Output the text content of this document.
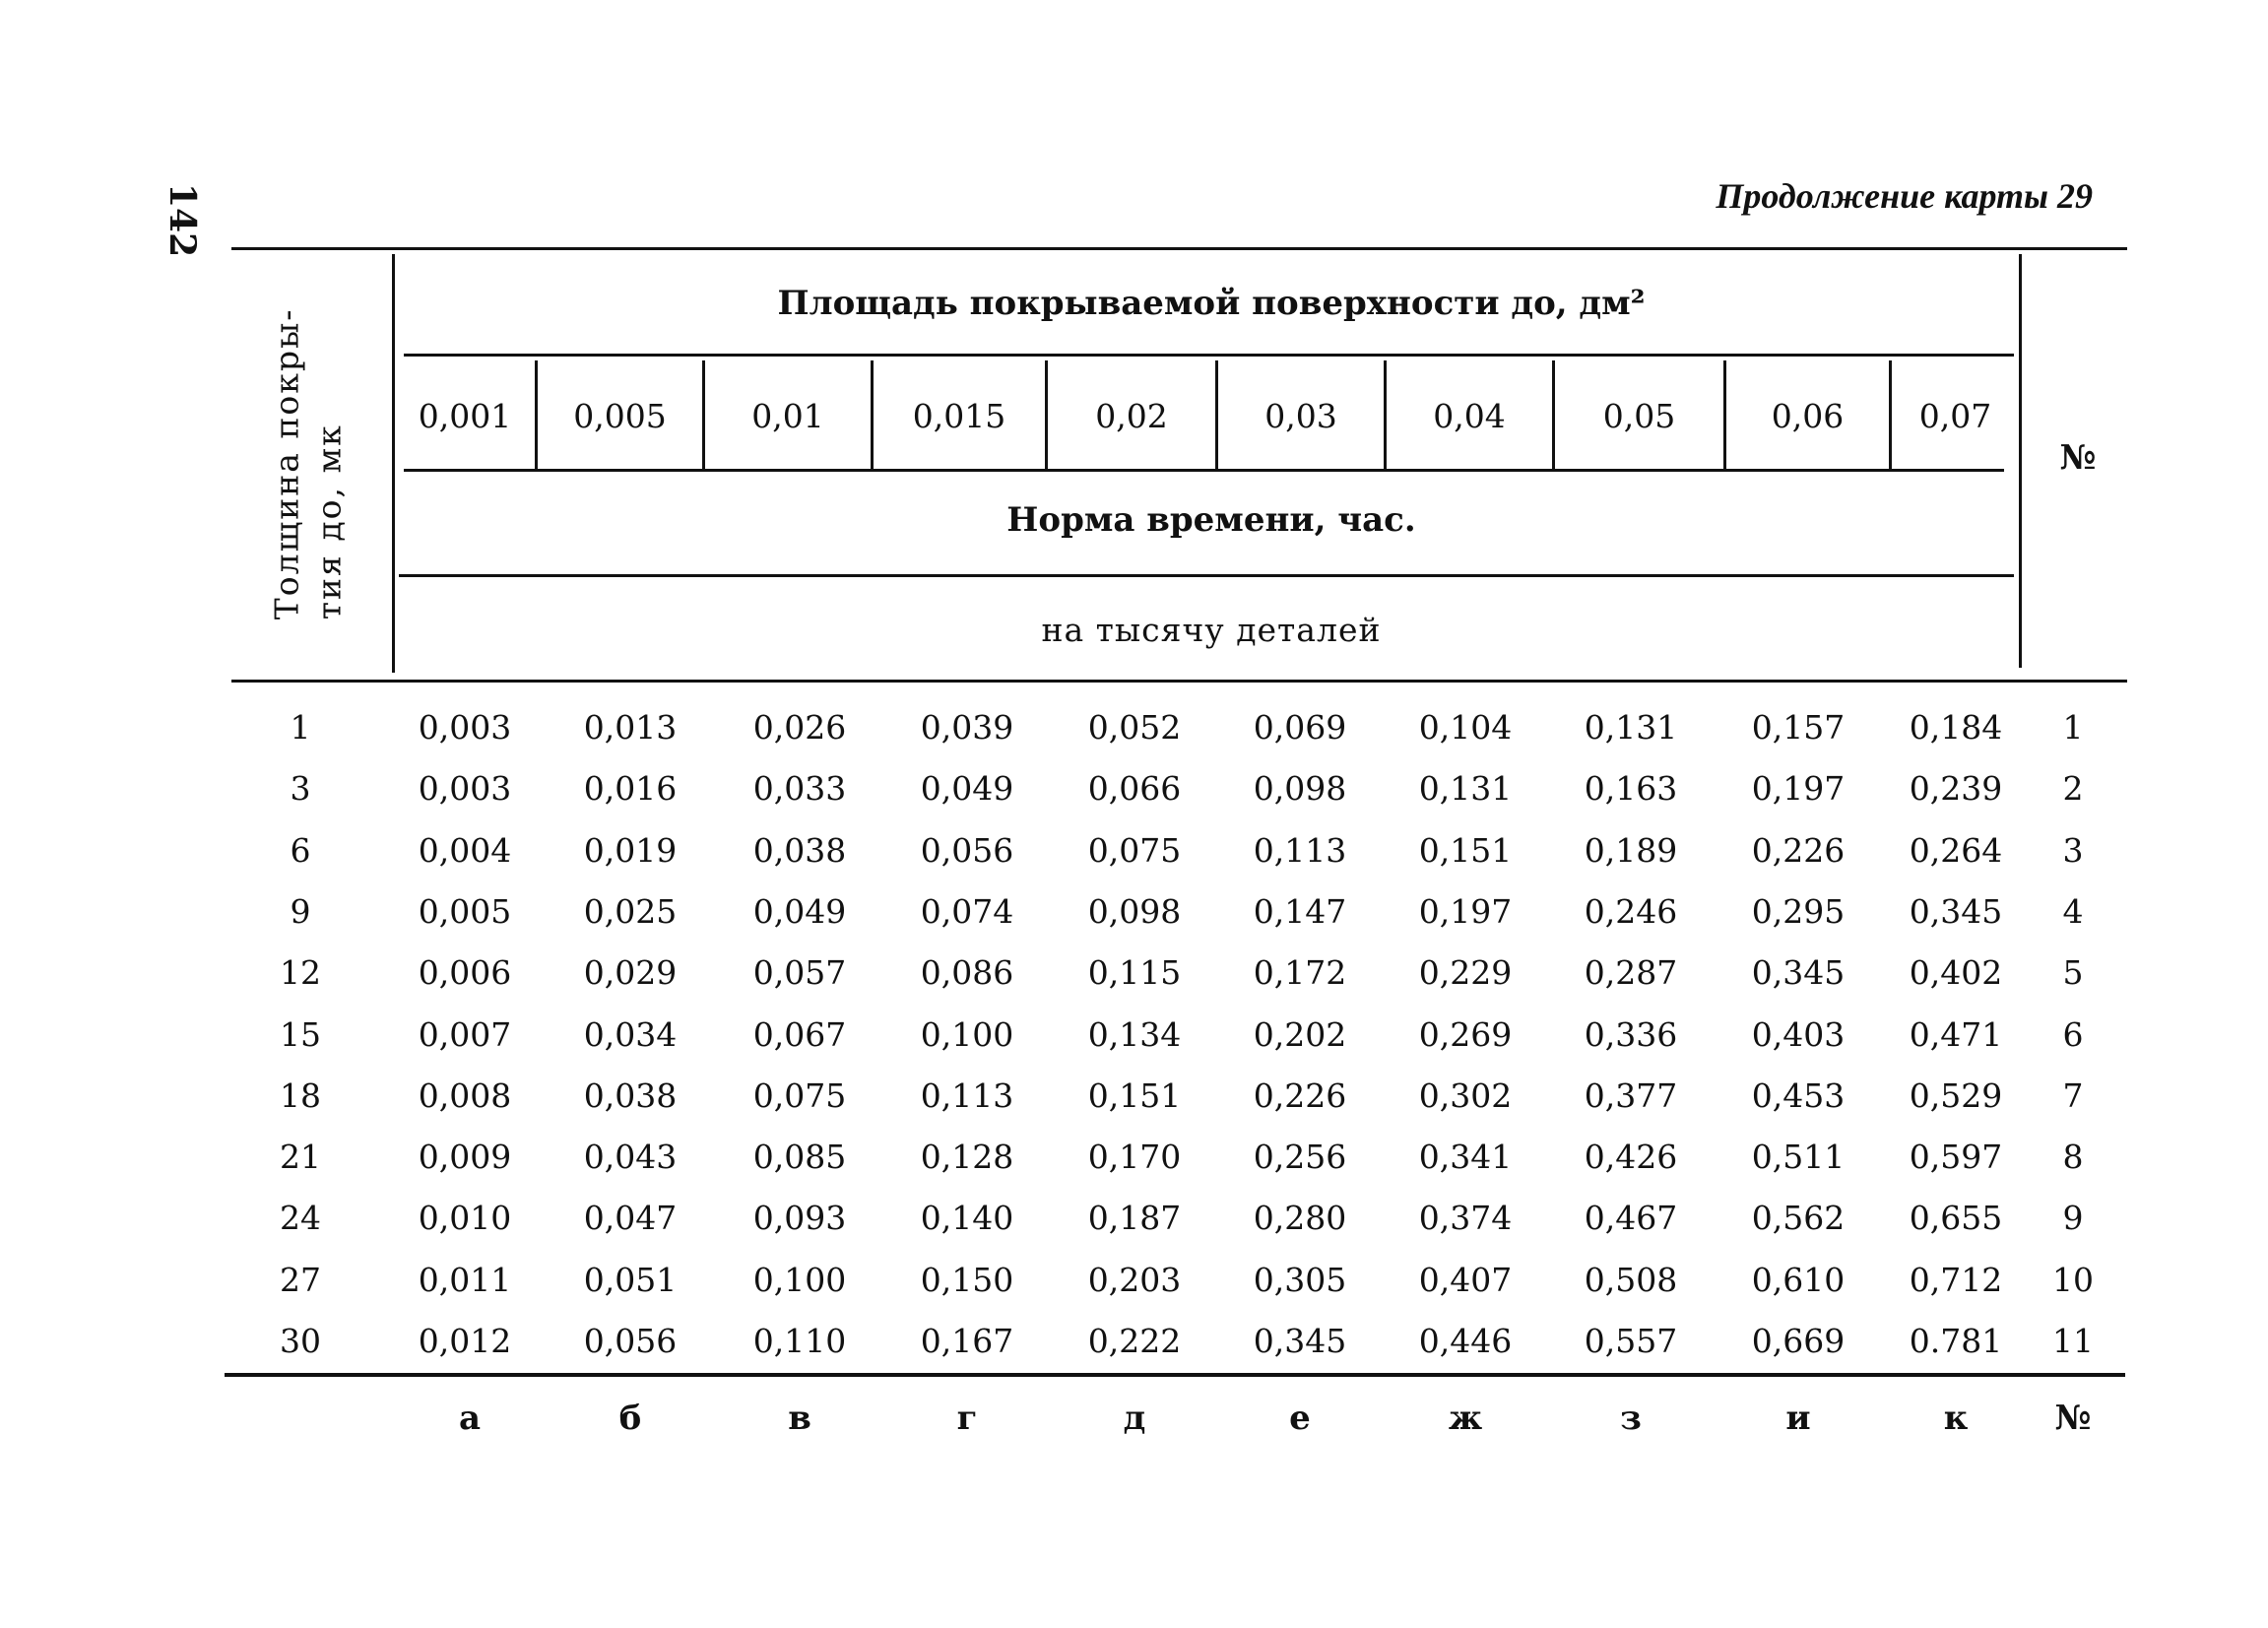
142	Продолжение карты 29
Толщина покры- тия до, мк
Площадь покрываемой поверхности до, дм²
0,001	0,005	0,01	0,015	0,02	0,03	0,04	0,05	0,06	0,07
Норма времени, час.
на тысячу деталей
№
1	0,003	0,013	0,026	0,039	0,052	0,069	0,104	0,131	0,157	0,184	1
3	0,003	0,016	0,033	0,049	0,066	0,098	0,131	0,163	0,197	0,239	2
6	0,004	0,019	0,038	0,056	0,075	0,113	0,151	0,189	0,226	0,264	3
9	0,005	0,025	0,049	0,074	0,098	0,147	0,197	0,246	0,295	0,345	4
12	0,006	0,029	0,057	0,086	0,115	0,172	0,229	0,287	0,345	0,402	5
15	0,007	0,034	0,067	0,100	0,134	0,202	0,269	0,336	0,403	0,471	6
18	0,008	0,038	0,075	0,113	0,151	0,226	0,302	0,377	0,453	0,529	7
21	0,009	0,043	0,085	0,128	0,170	0,256	0,341	0,426	0,511	0,597	8
24	0,010	0,047	0,093	0,140	0,187	0,280	0,374	0,467	0,562	0,655	9
27	0,011	0,051	0,100	0,150	0,203	0,305	0,407	0,508	0,610	0,712	10
30	0,012	0,056	0,110	0,167	0,222	0,345	0,446	0,557	0,669	0.781	11
а	б	в	г	д	е	ж	з	и	к	№
